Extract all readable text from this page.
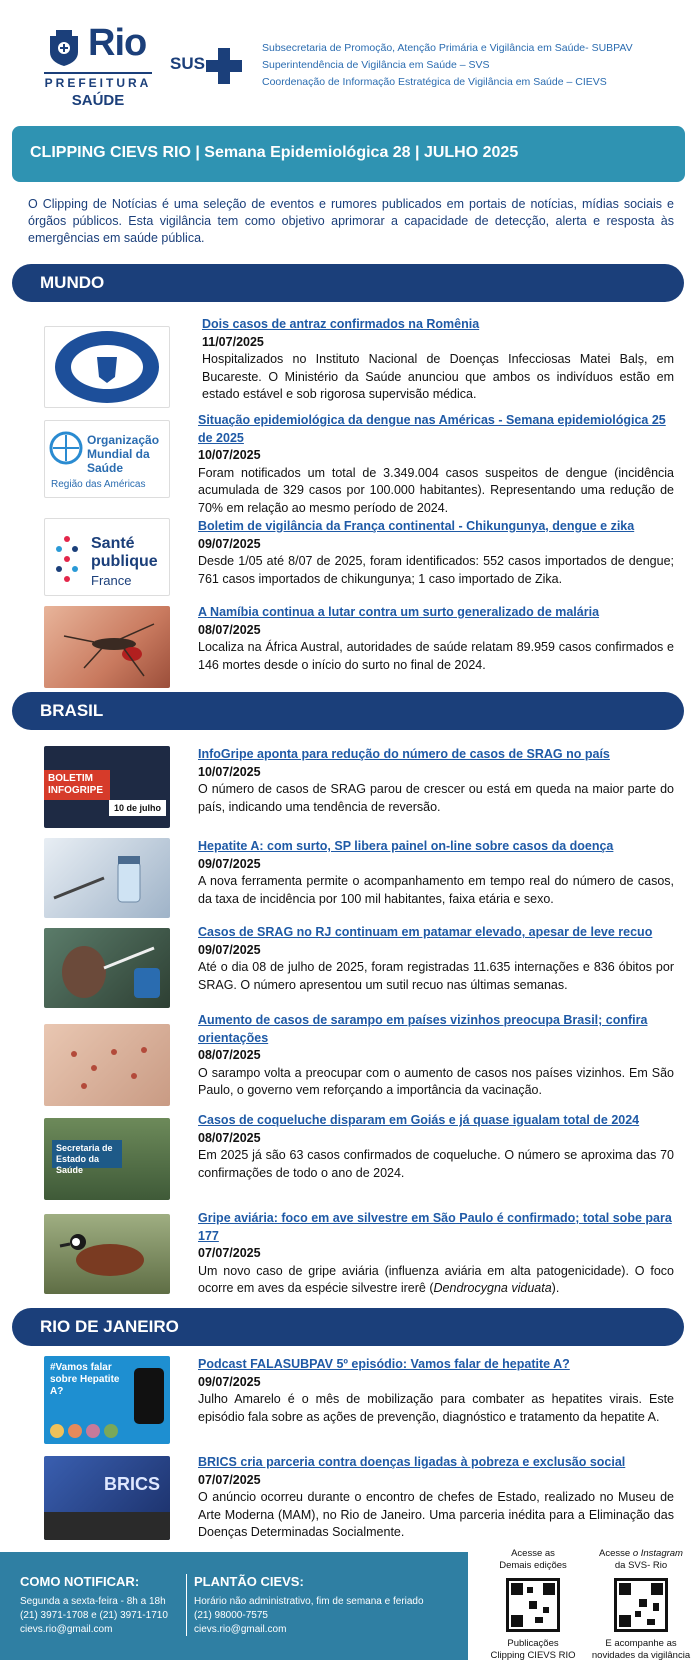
Rio
PREFEITURA
SAÚDE
SUS
Subsecretaria de Promoção, Atenção Primária e Vigilância em Saúde- SUBPAV
Superintendência de Vigilância em Saúde – SVS
Coordenação de Informação Estratégica de Vigilância em Saúde – CIEVS
CLIPPING CIEVS RIO | Semana Epidemiológica 28 | JULHO 2025

O Clipping de Notícias é uma seleção de eventos e rumores publicados em portais de notícias, mídias sociais e órgãos públicos. Esta vigilância tem como objetivo aprimorar a capacidade de detecção, alerta e resposta às emergências em saúde pública.

MUNDO
Dois casos de antraz confirmados na Romênia
11/07/2025
Hospitalizados no Instituto Nacional de Doenças Infecciosas Matei Balș, em Bucareste. O Ministério da Saúde anunciou que ambos os indivíduos estão em estado estável e sob rigorosa supervisão médica.
Organização Mundial da Saúde
Região das Américas
Situação epidemiológica da dengue nas Américas - Semana epidemiológica 25 de 2025
10/07/2025
Foram notificados um total de 3.349.004 casos suspeitos de dengue (incidência acumulada de 329 casos por 100.000 habitantes). Representando uma redução de 70% em relação ao mesmo período de 2024.
Santé publique
France
Boletim de vigilância da França continental - Chikungunya, dengue e zika
09/07/2025
Desde 1/05 até 8/07 de 2025, foram identificados: 552 casos importados de dengue; 761 casos importados de chikungunya; 1 caso importado de Zika.
A Namíbia continua a lutar contra um surto generalizado de malária
08/07/2025
Localiza na África Austral, autoridades de saúde relatam 89.959 casos confirmados e 146 mortes desde o início do surto no final de 2024.
BRASIL
BOLETIM INFOGRIPE
10 de julho
InfoGripe aponta para redução do número de casos de SRAG no país
10/07/2025
O número de casos de SRAG parou de crescer ou está em queda na maior parte do país, indicando uma tendência de reversão.
Hepatite A: com surto, SP libera painel on-line sobre casos da doença
09/07/2025
A nova ferramenta permite o acompanhamento em tempo real do número de casos, da taxa de incidência por 100 mil habitantes, faixa etária e sexo.
Casos de SRAG no RJ continuam em patamar elevado, apesar de leve recuo
09/07/2025
Até o dia 08 de julho de 2025, foram registradas 11.635 internações e 836 óbitos por SRAG. O número apresentou um sutil recuo nas últimas semanas.
Aumento de casos de sarampo em países vizinhos preocupa Brasil; confira orientações
08/07/2025
O sarampo volta a preocupar com o aumento de casos nos países vizinhos. Em São Paulo, o governo vem reforçando a importância da vacinação.
Secretaria de Estado da Saúde
Casos de coqueluche disparam em Goiás e já quase igualam total de 2024
08/07/2025
Em 2025 já são 63 casos confirmados de coqueluche. O número se aproxima das 70 confirmações de todo o ano de 2024.
Gripe aviária: foco em ave silvestre em São Paulo é confirmado; total sobe para 177
07/07/2025
Um novo caso de gripe aviária (influenza aviária em alta patogenicidade). O foco ocorre em aves da espécie silvestre irerê (Dendrocygna viduata).
RIO DE JANEIRO
#Vamos falar sobre Hepatite A?
Podcast FALASUBPAV 5º episódio: Vamos falar de hepatite A?
09/07/2025
Julho Amarelo é o mês de mobilização para combater as hepatites virais. Este episódio fala sobre as ações de prevenção, diagnóstico e tratamento da hepatite A.
BRICS
BRICS cria parceria contra doenças ligadas à pobreza e exclusão social
07/07/2025
O anúncio ocorreu durante o encontro de chefes de Estado, realizado no Museu de Arte Moderna (MAM), no Rio de Janeiro. Uma parceria inédita para a Eliminação das Doenças Determinadas Socialmente.
COMO NOTIFICAR:

Segunda a sexta-feira - 8h a 18h

(21) 3971-1708 e (21) 3971-1710

cievs.rio@gmail.com

PLANTÃO CIEVS:

Horário não administrativo, fim de semana e feriado

(21) 98000-7575

cievs.rio@gmail.com

Acesse as
Demais edições
Publicações
Clipping CIEVS RIO
Acesse o Instagram
da SVS- Rio
E acompanhe as
novidades da vigilância
